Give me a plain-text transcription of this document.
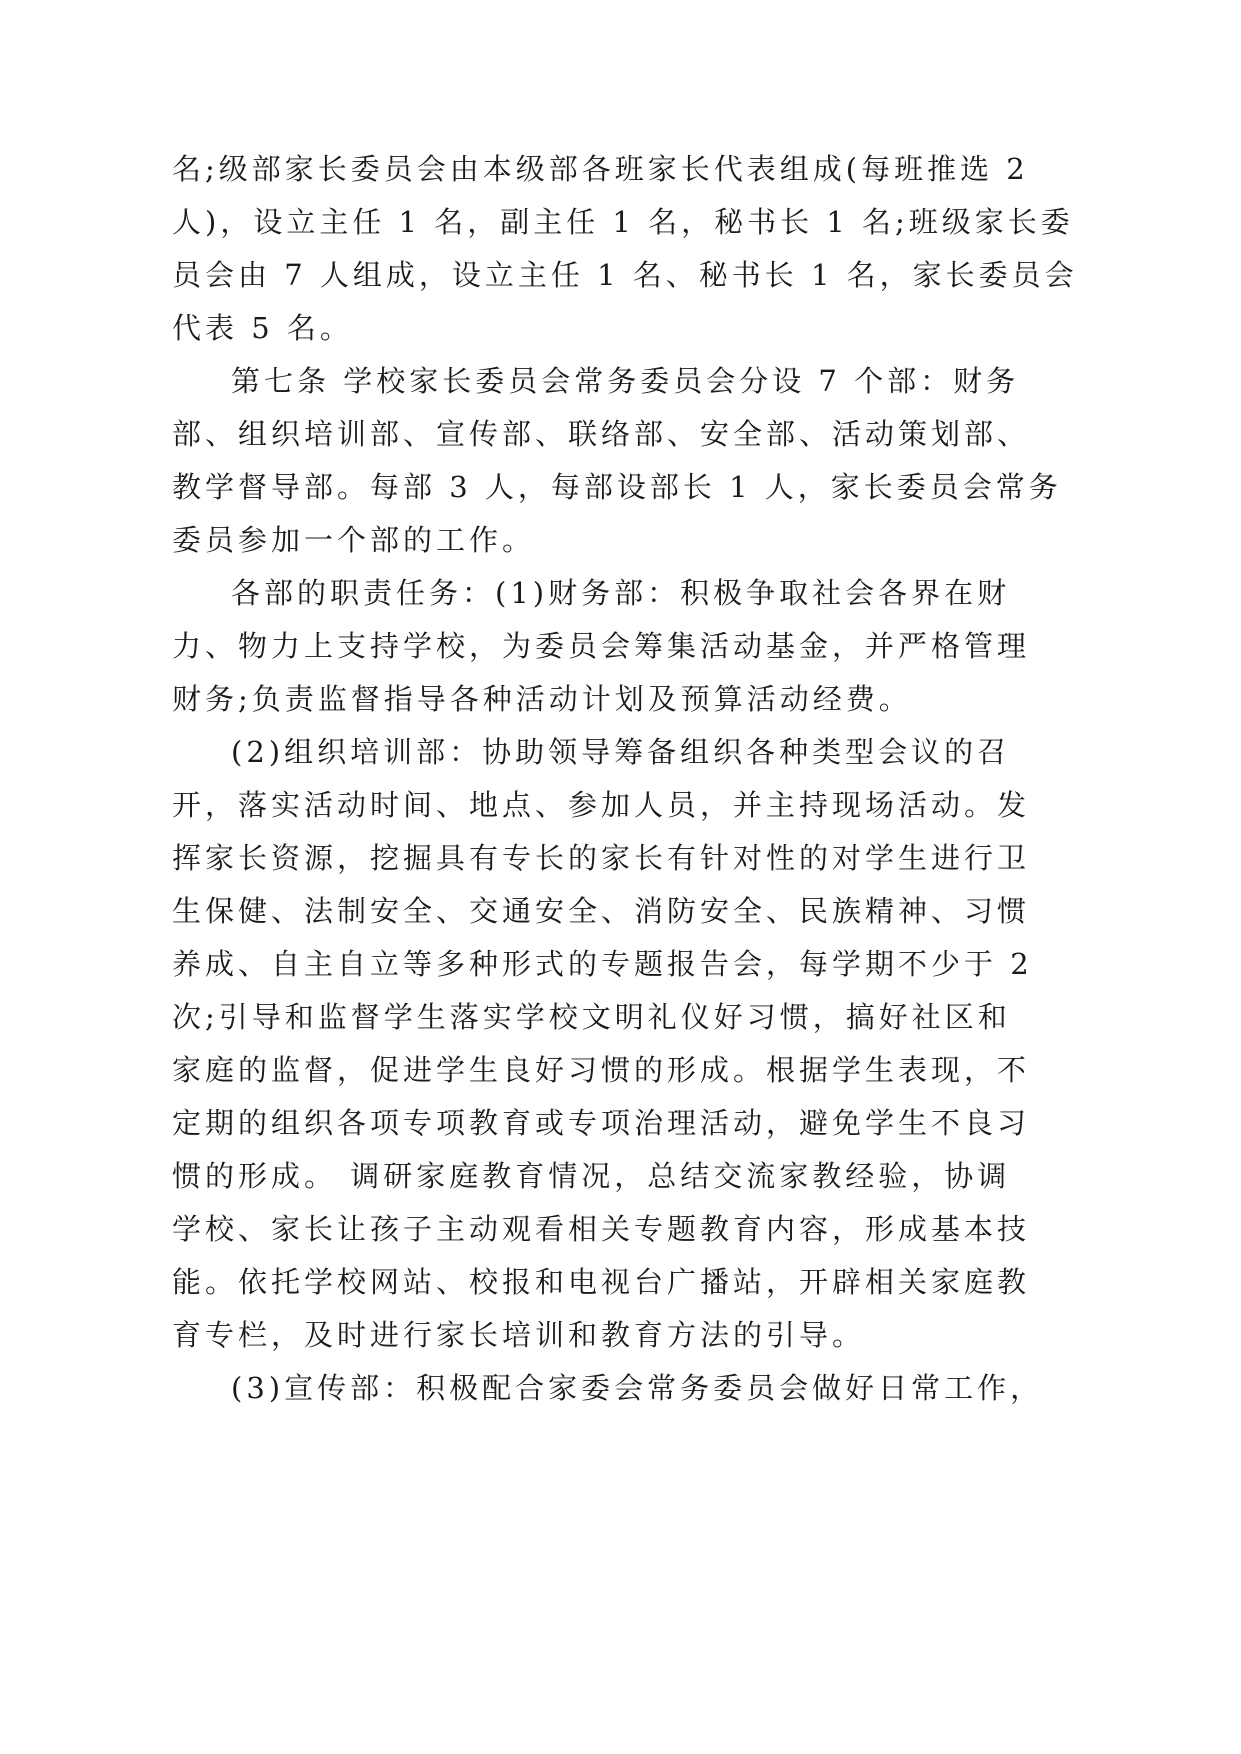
名;级部家长委员会由本级部各班家长代表组成(每班推选 2

人)，设立主任 1 名，副主任 1 名，秘书长 1 名;班级家长委

员会由 7 人组成，设立主任 1 名、秘书长 1 名，家长委员会

代表 5 名。

第七条 学校家长委员会常务委员会分设 7 个部：财务

部、组织培训部、宣传部、联络部、安全部、活动策划部、

教学督导部。每部 3 人，每部设部长 1 人，家长委员会常务

委员参加一个部的工作。

各部的职责任务：(1)财务部：积极争取社会各界在财

力、物力上支持学校，为委员会筹集活动基金，并严格管理

财务;负责监督指导各种活动计划及预算活动经费。

(2)组织培训部：协助领导筹备组织各种类型会议的召

开，落实活动时间、地点、参加人员，并主持现场活动。发

挥家长资源，挖掘具有专长的家长有针对性的对学生进行卫

生保健、法制安全、交通安全、消防安全、民族精神、习惯

养成、自主自立等多种形式的专题报告会，每学期不少于 2

次;引导和监督学生落实学校文明礼仪好习惯，搞好社区和

家庭的监督，促进学生良好习惯的形成。根据学生表现，不

定期的组织各项专项教育或专项治理活动，避免学生不良习

惯的形成。 调研家庭教育情况，总结交流家教经验，协调

学校、家长让孩子主动观看相关专题教育内容，形成基本技

能。依托学校网站、校报和电视台广播站，开辟相关家庭教

育专栏，及时进行家长培训和教育方法的引导。

(3)宣传部：积极配合家委会常务委员会做好日常工作，
